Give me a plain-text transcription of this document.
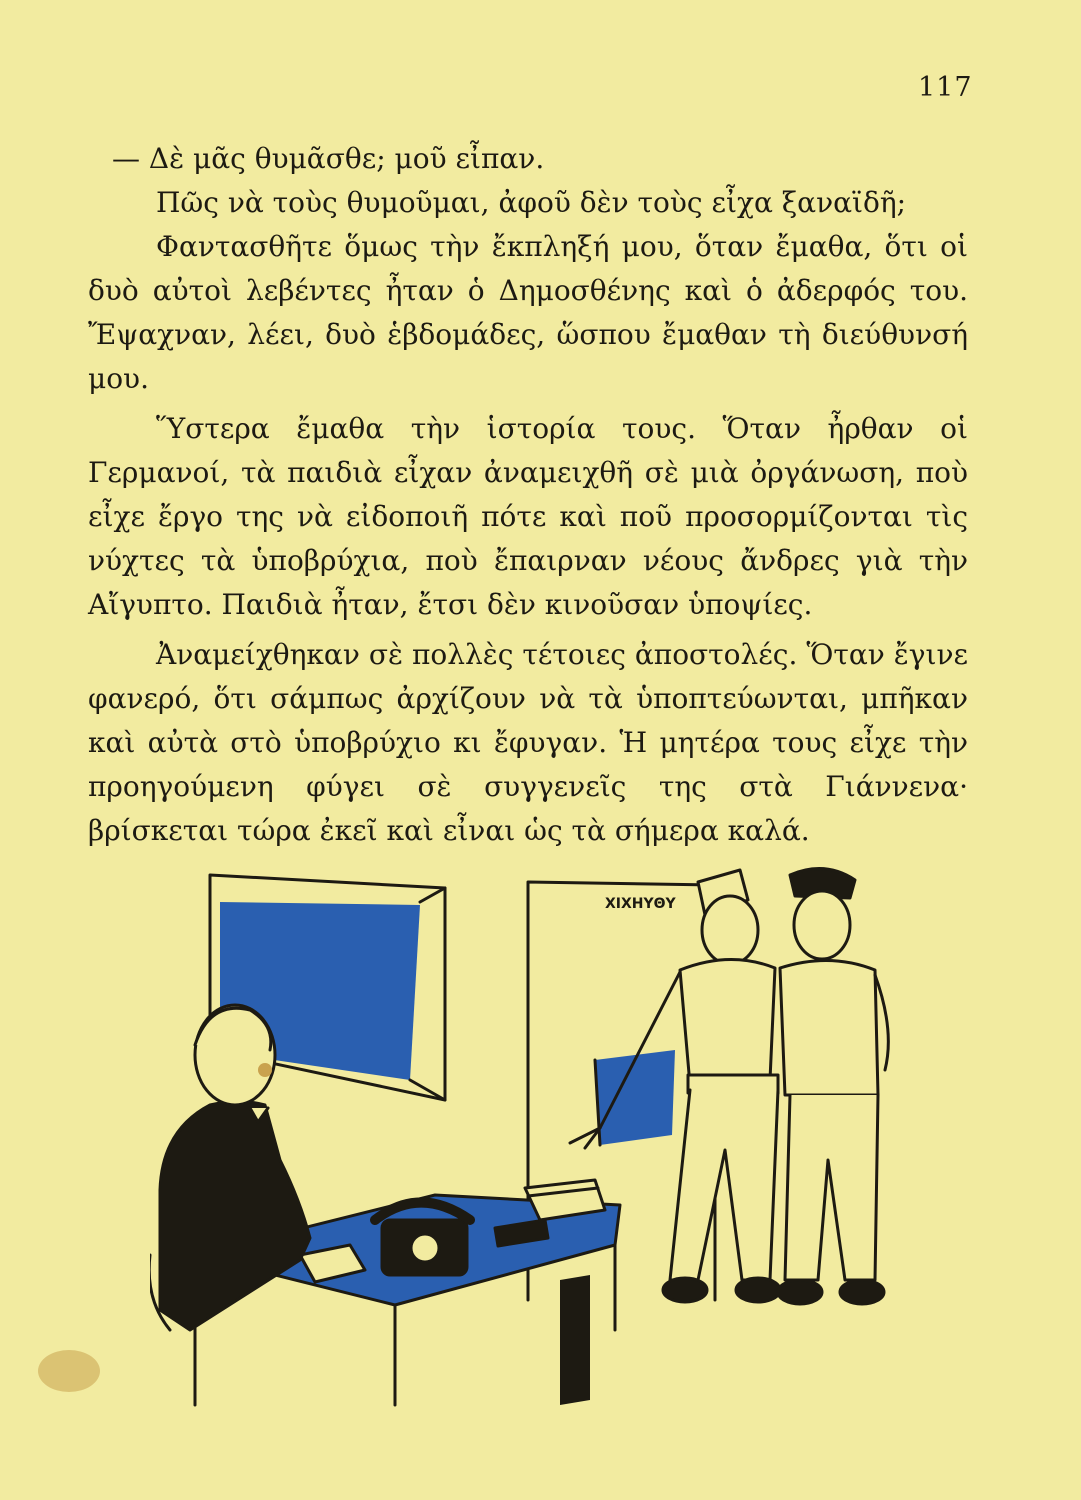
117

— Δὲ μᾶς θυμᾶσθε; μοῦ εἶπαν.

Πῶς νὰ τοὺς θυμοῦμαι, ἀφοῦ δὲν τοὺς εἶχα ξαναϊδῆ;

Φαντασθῆτε ὅμως τὴν ἔκπληξή μου, ὅταν ἔμαθα, ὅτι οἱ δυὸ αὐτοὶ λεβέντες ἦταν ὁ Δημοσθένης καὶ ὁ ἀδερφός του. Ἔψαχναν, λέει, δυὸ ἑβδομάδες, ὥσπου ἔμαθαν τὴ διεύθυνσή μου.

Ὕστερα ἔμαθα τὴν ἱστορία τους. Ὅταν ἦρθαν οἱ Γερμανοί, τὰ παιδιὰ εἶχαν ἀναμειχθῆ σὲ μιὰ ὀργάνωση, ποὺ εἶχε ἔργο της νὰ εἰδοποιῆ πότε καὶ ποῦ προσορμίζονται τὶς νύχτες τὰ ὑποβρύχια, ποὺ ἔπαιρναν νέους ἄνδρες γιὰ τὴν Αἴγυπτο. Παιδιὰ ἦταν, ἔτσι δὲν κινοῦσαν ὑποψίες.

Ἀναμείχθηκαν σὲ πολλὲς τέτοιες ἀποστολές. Ὅταν ἔγινε φανερό, ὅτι σάμπως ἀρχίζουν νὰ τὰ ὑποπτεύωνται, μπῆκαν καὶ αὐτὰ στὸ ὑποβρύχιο κι ἔφυγαν. Ἡ μητέρα τους εἶχε τὴν προηγούμενη φύγει σὲ συγγενεῖς της στὰ Γιάννενα· βρίσκεται τώρα ἐκεῖ καὶ εἶναι ὡς τὰ σήμερα καλά.

ΧΙΧΗΥΘΥ
